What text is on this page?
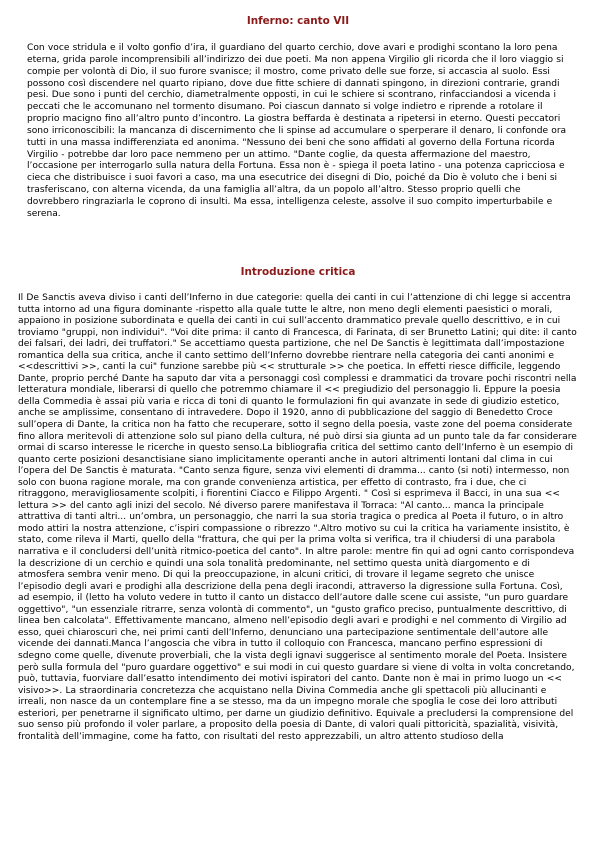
Inferno: canto VII

Con voce stridula e il volto gonfio d’ira, il guardiano del quarto cerchio, dove avari e prodighi scontano la loro pena eterna, grida parole incomprensibili all’indirizzo dei due poeti. Ma non appena Virgilio gli ricorda che il loro viaggio si compie per volontà di Dio, il suo furore svanisce; il mostro, come privato delle sue forze, si accascia al suolo. Essi possono così discendere nel quarto ripiano, dove due fitte schiere di dannati spingono, in direzioni contrarie, grandi pesi. Due sono i punti del cerchio, diametralmente opposti, in cui le schiere si scontrano, rinfacciandosi a vicenda i peccati che le accomunano nel tormento disumano. Poi ciascun dannato si volge indietro e riprende a rotolare il proprio macigno fino all’altro punto d’incontro. La giostra beffarda è destinata a ripetersi in eterno. Questi peccatori sono irriconoscibili: la mancanza di discernimento che li spinse ad accumulare o sperperare il denaro, li confonde ora tutti in una massa indifferenziata ed anonima. "Nessuno dei beni che sono affidati al governo della Fortuna ricorda Virgilio - potrebbe dar loro pace nemmeno per un attimo. "Dante coglie, da questa affermazione del maestro, l’occasione per interrogarlo sulla natura della Fortuna. Essa non è - spiega il poeta latino - una potenza capricciosa e cieca che distribuisce i suoi favori a caso, ma una esecutrice dei disegni di Dio, poiché da Dio è voluto che i beni si trasferiscano, con alterna vicenda, da una famiglia all’altra, da un popolo all’altro. Stesso proprio quelli che dovrebbero ringraziarla le coprono di insulti. Ma essa, intelligenza celeste, assolve il suo compito imperturbabile e serena.

Introduzione critica

Il De Sanctis aveva diviso i canti dell’Inferno in due categorie: quella dei canti in cui l’attenzione di chi legge si accentra tutta intorno ad una figura dominante -rispetto alla quale tutte le altre, non meno degli elementi paesistici o morali, appaiono in posizione subordinata e quella dei canti in cui sull’accento drammatico prevale quello descrittivo, e in cui troviamo "gruppi, non individui". "Voi dite prima: il canto di Francesca, di Farinata, di ser Brunetto Latini; qui dite: il canto dei falsari, dei ladri, dei truffatori." Se accettiamo questa partizione, che nel De Sanctis è legittimata dall’impostazione romantica della sua critica, anche il canto settimo dell’Inferno dovrebbe rientrare nella categoria dei canti anonimi e <<descrittivi >>, canti la cui" funzione sarebbe più << strutturale >> che poetica. In effetti riesce difficile, leggendo Dante, proprio perché Dante ha saputo dar vita a personaggi così complessi e drammatici da trovare pochi riscontri nella letteratura mondiale, liberarsi di quello che potremmo chiamare il << pregiudizio del personaggio li. Eppure la poesia della Commedia è assai più varia e ricca di toni di quanto le formulazioni fin qui avanzate in sede di giudizio estetico, anche se amplissime, consentano di intravedere. Dopo il 1920, anno di pubblicazione del saggio di Benedetto Croce sull’opera di Dante, la critica non ha fatto che recuperare, sotto il segno della poesia, vaste zone del poema considerate fino allora meritevoli di attenzione solo sul piano della cultura, né può dirsi sia giunta ad un punto tale da far considerare ormai di scarso interesse le ricerche in questo senso.La bibliografia critica del settimo canto dell’Inferno è un esempio di quanto certe posizioni desanctisiane siano implicitamente operanti anche in autori altrimenti lontani dal clima in cui l’opera del De Sanctis è maturata. "Canto senza figure, senza vivi elementi di dramma... canto (si noti) intermesso, non solo con buona ragione morale, ma con grande convenienza artistica, per effetto di contrasto, fra i due, che ci ritraggono, meravigliosamente scolpiti, i fiorentini Ciacco e Filippo Argenti. " Così si esprimeva il Bacci, in una sua << lettura >> del canto agli inizi del secolo. Né diverso parere manifestava il Torraca: "Al canto... manca la principale attrattiva di tanti altri... un’ombra, un personaggio, che narri la sua storia tragica o predica al Poeta il futuro, o in altro modo attiri la nostra attenzione, c’ispiri compassione o ribrezzo ".Altro motivo su cui la critica ha variamente insistito, è stato, come rileva il Marti, quello della "frattura, che qui per la prima volta si verifica, tra il chiudersi di una parabola narrativa e il concludersi dell’unità ritmico-poetica del canto". In altre parole: mentre fin qui ad ogni canto corrispondeva la descrizione di un cerchio e quindi una sola tonalità predominante, nel settimo questa unità diargomento e di atmosfera sembra venir meno. Di qui la preoccupazione, in alcuni critici, di trovare il legame segreto che unisce l’episodio degli avari e prodighi alla descrizione della pena degli iracondi, attraverso la digressione sulla Fortuna. Così, ad esempio, il (letto ha voluto vedere in tutto il canto un distacco dell’autore dalle scene cui assiste, "un puro guardare oggettivo", "un essenziale ritrarre, senza volontà di commento", un "gusto grafico preciso, puntualmente descrittivo, di linea ben calcolata". Effettivamente mancano, almeno nell’episodio degli avari e prodighi e nel commento di Virgilio ad esso, quei chiaroscuri che, nei primi canti dell’Inferno, denunciano una partecipazione sentimentale dell’autore alle vicende dei dannati.Manca l’angoscia che vibra in tutto il colloquio con Francesca, mancano perfino espressioni di sdegno come quelle, divenute proverbiali, che la vista degli ignavi suggerisce al sentimento morale del Poeta. Insistere però sulla formula del "puro guardare oggettivo" e sui modi in cui questo guardare si viene di volta in volta concretando, può, tuttavia, fuorviare dall’esatto intendimento dei motivi ispiratori del canto. Dante non è mai in primo luogo un << visivo>>. La straordinaria concretezza che acquistano nella Divina Commedia anche gli spettacoli più allucinanti e irreali, non nasce da un contemplare fine a se stesso, ma da un impegno morale che spoglia le cose dei loro attributi esteriori, per penetrarne il significato ultimo, per darne un giudizio definitivo. Equivale a precludersi la comprensione del suo senso più profondo il voler parlare, a proposito della poesia di Dante, di valori quali pittoricità, spazialità, visività, frontalità dell’immagine, come ha fatto, con risultati del resto apprezzabili, un altro attento studioso della
